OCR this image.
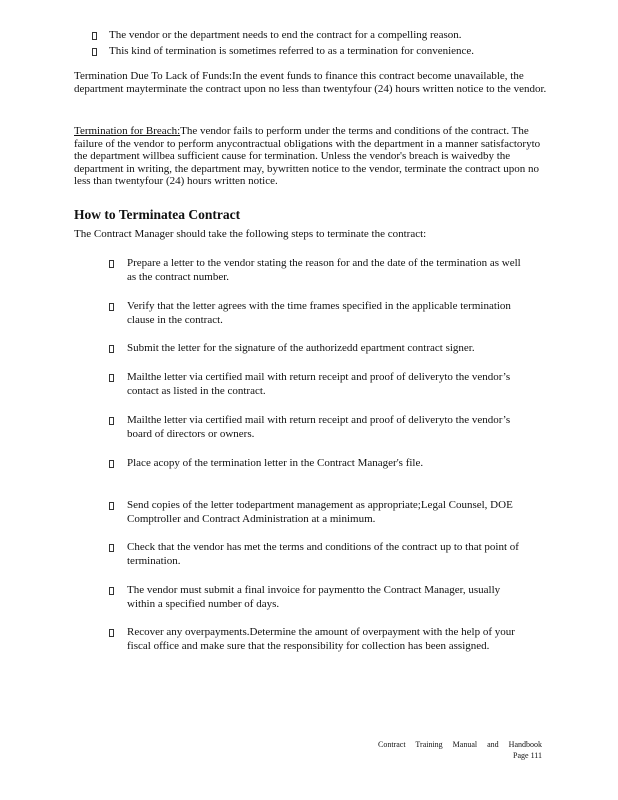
The vendor or the department needs to end the contract for a compelling reason.
This kind of termination is sometimes referred to as a termination for convenience.
Termination Due To Lack of Funds:In the event funds to finance this contract become unavailable, the department mayterminate the contract upon no less than twentyfour (24) hours written notice to the vendor.
Termination for Breach:The vendor fails to perform under the terms and conditions of the contract. The failure of the vendor to perform anycontractual obligations with the department in a manner satisfactoryto the department willbea sufficient cause for termination. Unless the vendor's breach is waivedby the department in writing, the department may, bywritten notice to the vendor, terminate the contract upon no less than twentyfour (24) hours written notice.
How to Terminatea Contract
The Contract Manager should take the following steps to terminate the contract:
Prepare a letter to the vendor stating the reason for and the date of the termination as well as the contract number.
Verify that the letter agrees with the time frames specified in the applicable termination clause in the contract.
Submit the letter for the signature of the authorizedd epartment contract signer.
Mailthe letter via certified mail with return receipt and proof of deliveryto the vendor’s contact as listed in the contract.
Mailthe letter via certified mail with return receipt and proof of deliveryto the vendor’s board of directors or owners.
Place acopy of the termination letter in the Contract Manager's file.
Send copies of the letter todepartment management as appropriate;Legal Counsel, DOE Comptroller and Contract Administration at a minimum.
Check that the vendor has met the terms and conditions of the contract up to that point of termination.
The vendor must submit a final invoice for paymentto the Contract Manager, usually within a specified number of days.
Recover any overpayments.Determine the amount of overpayment with the help of your fiscal office and make sure that the responsibility for collection has been assigned.
Contract Training Manual and Handbook
Page 111
